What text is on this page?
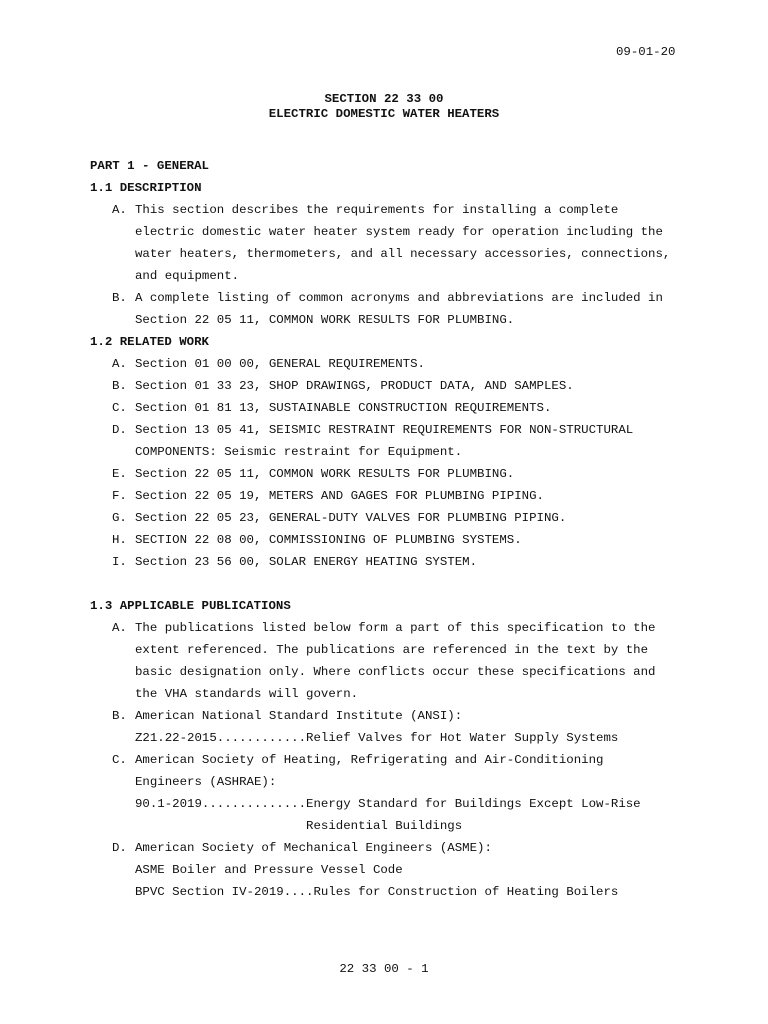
09-01-20
SECTION 22 33 00
ELECTRIC DOMESTIC WATER HEATERS
PART 1 - GENERAL
1.1 DESCRIPTION
A. This section describes the requirements for installing a complete
electric domestic water heater system ready for operation including the
water heaters, thermometers, and all necessary accessories, connections,
and equipment.
B. A complete listing of common acronyms and abbreviations are included in
Section 22 05 11, COMMON WORK RESULTS FOR PLUMBING.
1.2 RELATED WORK
A. Section 01 00 00, GENERAL REQUIREMENTS.
B. Section 01 33 23, SHOP DRAWINGS, PRODUCT DATA, AND SAMPLES.
C. Section 01 81 13, SUSTAINABLE CONSTRUCTION REQUIREMENTS.
D. Section 13 05 41, SEISMIC RESTRAINT REQUIREMENTS FOR NON-STRUCTURAL
COMPONENTS: Seismic restraint for Equipment.
E. Section 22 05 11, COMMON WORK RESULTS FOR PLUMBING.
F. Section 22 05 19, METERS AND GAGES FOR PLUMBING PIPING.
G. Section 22 05 23, GENERAL-DUTY VALVES FOR PLUMBING PIPING.
H. SECTION 22 08 00, COMMISSIONING OF PLUMBING SYSTEMS.
I. Section 23 56 00, SOLAR ENERGY HEATING SYSTEM.
1.3 APPLICABLE PUBLICATIONS
A. The publications listed below form a part of this specification to the
extent referenced. The publications are referenced in the text by the
basic designation only. Where conflicts occur these specifications and
the VHA standards will govern.
B. American National Standard Institute (ANSI):
Z21.22-2015............Relief Valves for Hot Water Supply Systems
C. American Society of Heating, Refrigerating and Air-Conditioning
Engineers (ASHRAE):
90.1-2019..............Energy Standard for Buildings Except Low-Rise
Residential Buildings
D. American Society of Mechanical Engineers (ASME):
ASME Boiler and Pressure Vessel Code
BPVC Section IV-2019....Rules for Construction of Heating Boilers
22 33 00 - 1
